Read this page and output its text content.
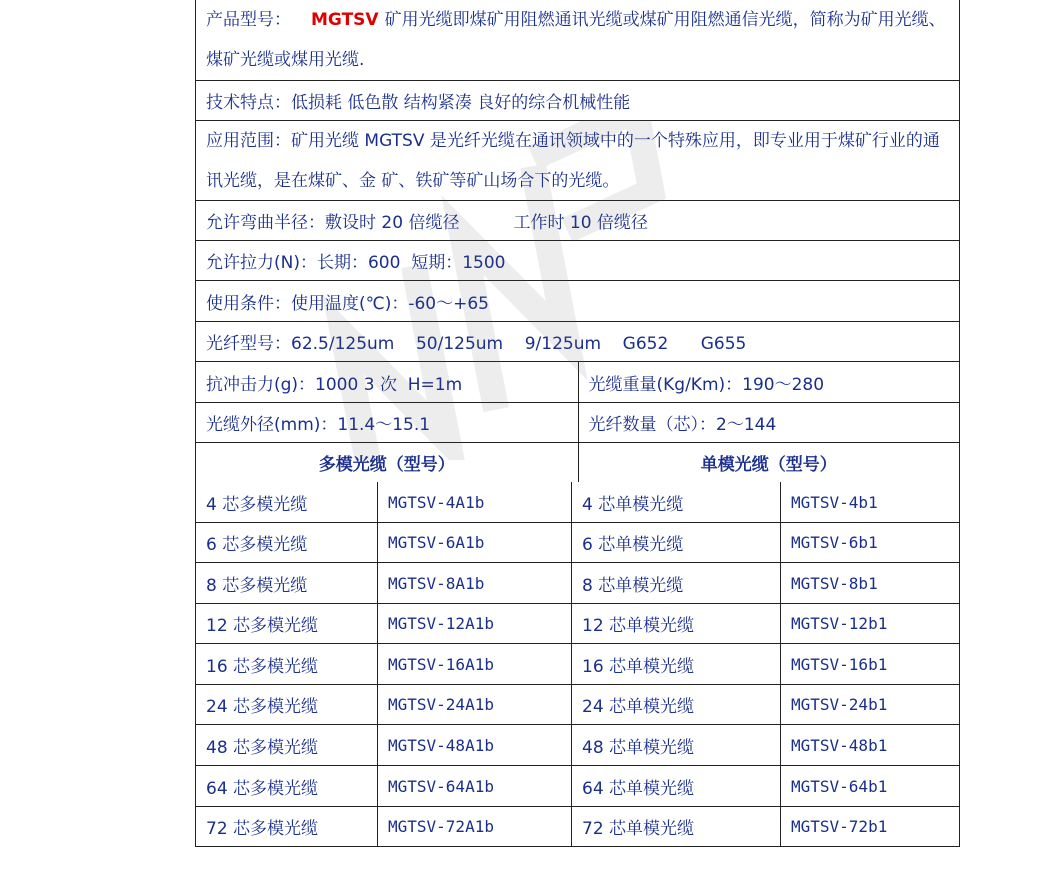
产品型号： MGTSV 矿用光缆即煤矿用阻燃通讯光缆或煤矿用阻燃通信光缆，简称为矿用光缆、煤矿光缆或煤用光缆.
技术特点：低损耗 低色散 结构紧凑 良好的综合机械性能
应用范围：矿用光缆 MGTSV 是光纤光缆在通讯领域中的一个特殊应用，即专业用于煤矿行业的通讯光缆，是在煤矿、金 矿、铁矿等矿山场合下的光缆。
允许弯曲半径：敷设时 20 倍缆径          工作时 10 倍缆径
允许拉力(N)：长期：600  短期：1500
使用条件：使用温度(℃)：-60～+65
光纤型号：62.5/125um    50/125um    9/125um    G652      G655
抗冲击力(g)：1000 3 次  H=1m	光缆重量(Kg/Km)：190～280
光缆外径(mm)：11.4～15.1	光纤数量（芯）：2～144
多模光缆（型号）	单模光缆（型号）
4 芯多模光缆	MGTSV-4A1b	4 芯单模光缆	MGTSV-4b1
6 芯多模光缆	MGTSV-6A1b	6 芯单模光缆	MGTSV-6b1
8 芯多模光缆	MGTSV-8A1b	8 芯单模光缆	MGTSV-8b1
12 芯多模光缆	MGTSV-12A1b	12 芯单模光缆	MGTSV-12b1
16 芯多模光缆	MGTSV-16A1b	16 芯单模光缆	MGTSV-16b1
24 芯多模光缆	MGTSV-24A1b	24 芯单模光缆	MGTSV-24b1
48 芯多模光缆	MGTSV-48A1b	48 芯单模光缆	MGTSV-48b1
64 芯多模光缆	MGTSV-64A1b	64 芯单模光缆	MGTSV-64b1
72 芯多模光缆	MGTSV-72A1b	72 芯单模光缆	MGTSV-72b1
